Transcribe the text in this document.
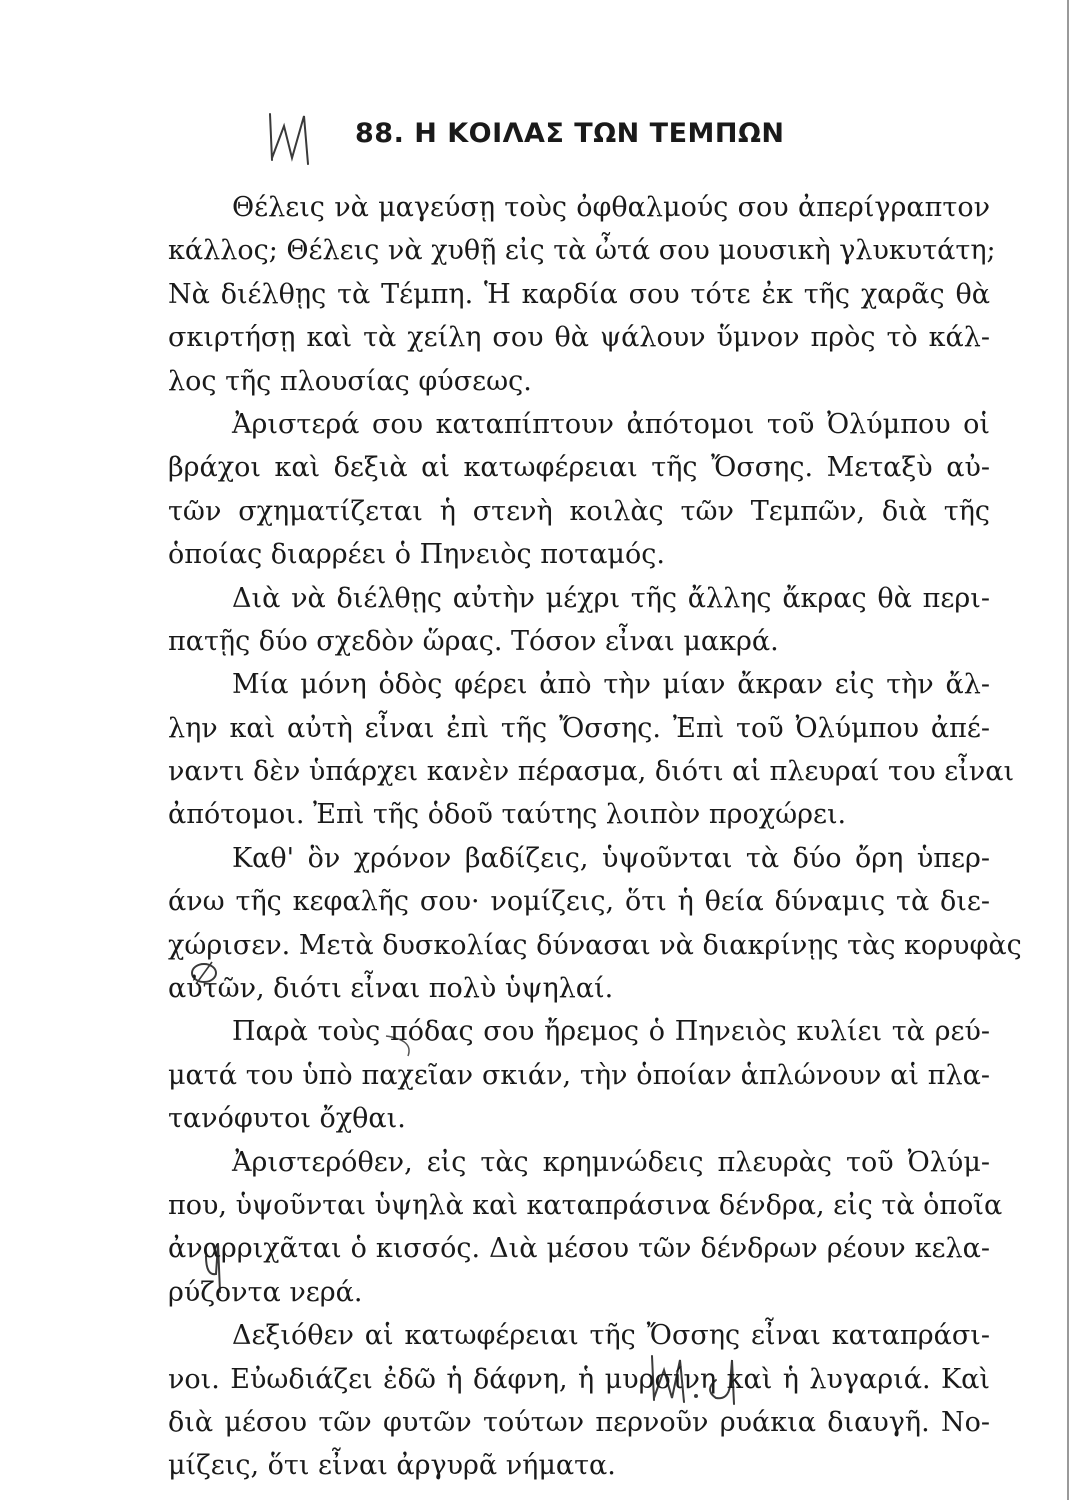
88. Η ΚΟΙΛΑΣ ΤΩΝ ΤΕΜΠΩΝ
Θέλεις νὰ μαγεύσῃ τοὺς ὀφθαλμούς σου ἀπερίγραπτον
κάλλος; Θέλεις νὰ χυθῇ εἰς τὰ ὦτά σου μουσικὴ γλυκυτάτη;
Νὰ διέλθῃς τὰ Τέμπη. Ἡ καρδία σου τότε ἐκ τῆς χαρᾶς θὰ
σκιρτήσῃ καὶ τὰ χείλη σου θὰ ψάλουν ὕμνον πρὸς τὸ κάλ-
λος τῆς πλουσίας φύσεως.
Ἀριστερά σου καταπίπτουν ἀπότομοι τοῦ Ὀλύμπου οἱ
βράχοι καὶ δεξιὰ αἱ κατωφέρειαι τῆς Ὄσσης. Μεταξὺ αὐ-
τῶν σχηματίζεται ἡ στενὴ κοιλὰς τῶν Τεμπῶν, διὰ τῆς
ὁποίας διαρρέει ὁ Πηνειὸς ποταμός.
Διὰ νὰ διέλθῃς αὐτὴν μέχρι τῆς ἄλλης ἄκρας θὰ περι-
πατῇς δύο σχεδὸν ὥρας. Τόσον εἶναι μακρά.
Μία μόνη ὁδὸς φέρει ἀπὸ τὴν μίαν ἄκραν εἰς τὴν ἄλ-
λην καὶ αὐτὴ εἶναι ἐπὶ τῆς Ὄσσης. Ἐπὶ τοῦ Ὀλύμπου ἀπέ-
ναντι δὲν ὑπάρχει κανὲν πέρασμα, διότι αἱ πλευραί του εἶναι
ἀπότομοι. Ἐπὶ τῆς ὁδοῦ ταύτης λοιπὸν προχώρει.
Καθ' ὃν χρόνον βαδίζεις, ὑψοῦνται τὰ δύο ὄρη ὑπερ-
άνω τῆς κεφαλῆς σου· νομίζεις, ὅτι ἡ θεία δύναμις τὰ διε-
χώρισεν. Μετὰ δυσκολίας δύνασαι νὰ διακρίνῃς τὰς κορυφὰς
αὐτῶν, διότι εἶναι πολὺ ὑψηλαί.
Παρὰ τοὺς πόδας σου ἤρεμος ὁ Πηνειὸς κυλίει τὰ ρεύ-
ματά του ὑπὸ παχεῖαν σκιάν, τὴν ὁποίαν ἁπλώνουν αἱ πλα-
τανόφυτοι ὄχθαι.
Ἀριστερόθεν, εἰς τὰς κρημνώδεις πλευρὰς τοῦ Ὀλύμ-
που, ὑψοῦνται ὑψηλὰ καὶ καταπράσινα δένδρα, εἰς τὰ ὁποῖα
ἀναρριχᾶται ὁ κισσός. Διὰ μέσου τῶν δένδρων ρέουν κελα-
ρύζοντα νερά.
Δεξιόθεν αἱ κατωφέρειαι τῆς Ὄσσης εἶναι καταπράσι-
νοι. Εὐωδιάζει ἐδῶ ἡ δάφνη, ἡ μυρσίνη καὶ ἡ λυγαριά. Καὶ
διὰ μέσου τῶν φυτῶν τούτων περνοῦν ρυάκια διαυγῆ. Νο-
μίζεις, ὅτι εἶναι ἀργυρᾶ νήματα.
